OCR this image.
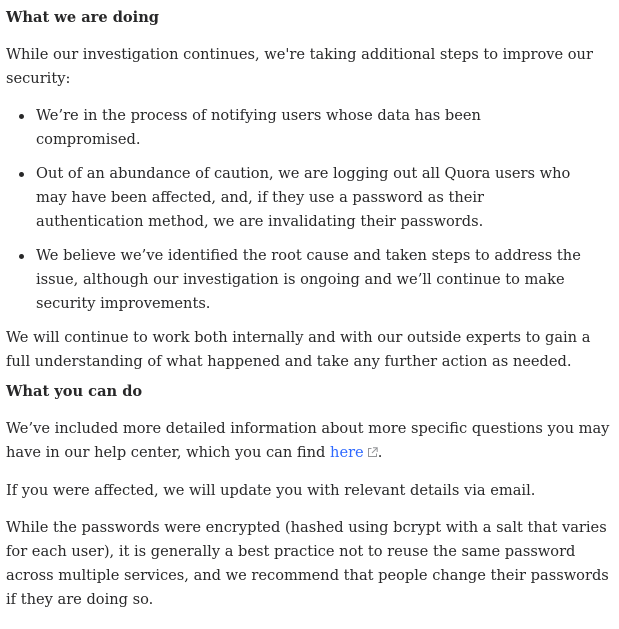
What we are doing

While our investigation continues, we're taking additional steps to improve our security:

We’re in the process of notifying users whose data has been compromised.
Out of an abundance of caution, we are logging out all Quora users who may have been affected, and, if they use a password as their authentication method, we are invalidating their passwords.
We believe we’ve identified the root cause and taken steps to address the issue, although our investigation is ongoing and we’ll continue to make security improvements.

We will continue to work both internally and with our outside experts to gain a full understanding of what happened and take any further action as needed.

What you can do

We’ve included more detailed information about more specific questions you may have in our help center, which you can find here .

If you were affected, we will update you with relevant details via email.

While the passwords were encrypted (hashed using bcrypt with a salt that varies for each user), it is generally a best practice not to reuse the same password across multiple services, and we recommend that people change their passwords if they are doing so.
